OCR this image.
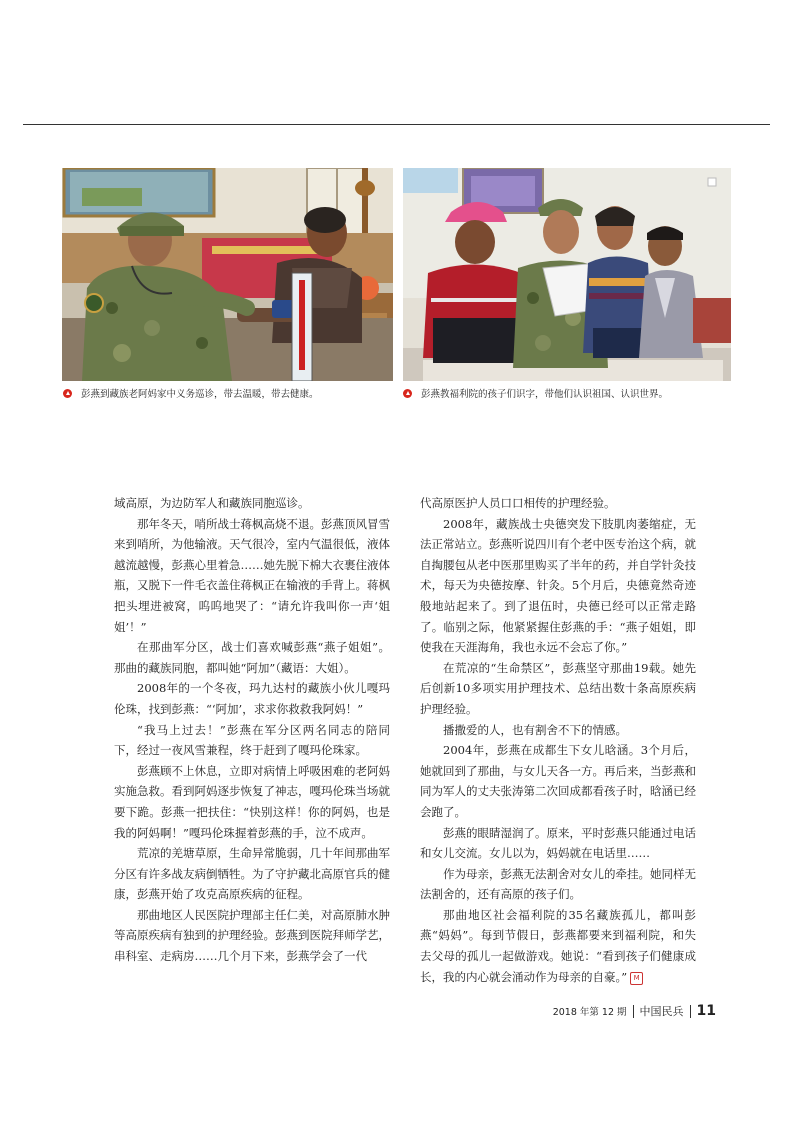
彭燕到藏族老阿妈家中义务巡诊，带去温暖，带去健康。	彭燕教福利院的孩子们识字，带他们认识祖国、认识世界。

域高原，为边防军人和藏族同胞巡诊。

那年冬天，哨所战士蒋枫高烧不退。彭燕顶风冒雪来到哨所，为他输液。天气很冷，室内气温很低，液体越流越慢，彭燕心里着急……她先脱下棉大衣裹住液体瓶，又脱下一件毛衣盖住蒋枫正在输液的手背上。蒋枫把头埋进被窝，呜呜地哭了：“请允许我叫你一声‘姐姐’！”

在那曲军分区，战士们喜欢喊彭燕“燕子姐姐”。那曲的藏族同胞，都叫她“阿加”（藏语：大姐）。

2008年的一个冬夜，玛九达村的藏族小伙儿嘎玛伦珠，找到彭燕：“‘阿加’，求求你救救我阿妈！”

“我马上过去！”彭燕在军分区两名同志的陪同下，经过一夜风雪兼程，终于赶到了嘎玛伦珠家。

彭燕顾不上休息，立即对病情上呼吸困难的老阿妈实施急救。看到阿妈逐步恢复了神志，嘎玛伦珠当场就要下跪。彭燕一把扶住：“快别这样！你的阿妈，也是我的阿妈啊！”嘎玛伦珠握着彭燕的手，泣不成声。

荒凉的羌塘草原，生命异常脆弱，几十年间那曲军分区有许多战友病倒牺牲。为了守护藏北高原官兵的健康，彭燕开始了攻克高原疾病的征程。

那曲地区人民医院护理部主任仁美，对高原肺水肿等高原疾病有独到的护理经验。彭燕到医院拜师学艺，串科室、走病房……几个月下来，彭燕学会了一代

代高原医护人员口口相传的护理经验。

2008年，藏族战士央德突发下肢肌肉萎缩症，无法正常站立。彭燕听说四川有个老中医专治这个病，就自掏腰包从老中医那里购买了半年的药，并自学针灸技术，每天为央德按摩、针灸。5个月后，央德竟然奇迹般地站起来了。到了退伍时，央德已经可以正常走路了。临别之际，他紧紧握住彭燕的手：“燕子姐姐，即使我在天涯海角，我也永远不会忘了你。”

在荒凉的“生命禁区”，彭燕坚守那曲19载。她先后创新10多项实用护理技术、总结出数十条高原疾病护理经验。

播撒爱的人，也有割舍不下的情感。

2004年，彭燕在成都生下女儿晗涵。3个月后，她就回到了那曲，与女儿天各一方。再后来，当彭燕和同为军人的丈夫张涛第二次回成都看孩子时，晗涵已经会跑了。

彭燕的眼睛湿润了。原来，平时彭燕只能通过电话和女儿交流。女儿以为，妈妈就在电话里……

作为母亲，彭燕无法割舍对女儿的牵挂。她同样无法割舍的，还有高原的孩子们。

那曲地区社会福利院的35名藏族孤儿，都叫彭燕“妈妈”。每到节假日，彭燕都要来到福利院，和失去父母的孤儿一起做游戏。她说：“看到孩子们健康成长，我的内心就会涌动作为母亲的自豪。” M

2018 年第 12 期 中国民兵 11
